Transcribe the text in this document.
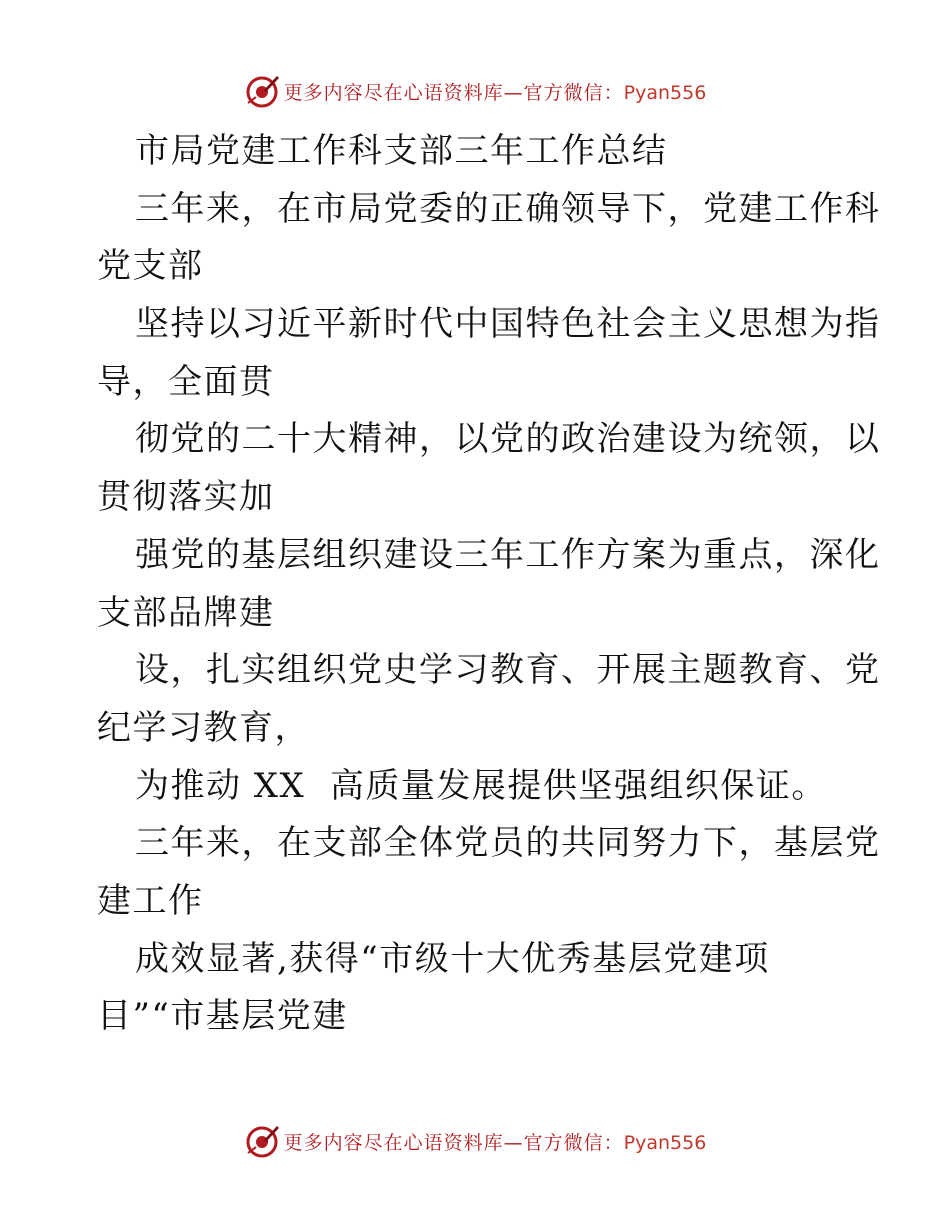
更多内容尽在心语资料库—官方微信：Pyan556
市局党建工作科支部三年工作总结
三年来，在市局党委的正确领导下，党建工作科
党支部
坚持以习近平新时代中国特色社会主义思想为指
导，全面贯
彻党的二十大精神，以党的政治建设为统领，以
贯彻落实加
强党的基层组织建设三年工作方案为重点，深化
支部品牌建
设，扎实组织党史学习教育、开展主题教育、党
纪学习教育，
为推动 XX  高质量发展提供坚强组织保证。
三年来，在支部全体党员的共同努力下，基层党
建工作
成效显著,获得“市级十大优秀基层党建项
目”“市基层党建
更多内容尽在心语资料库—官方微信：Pyan556
